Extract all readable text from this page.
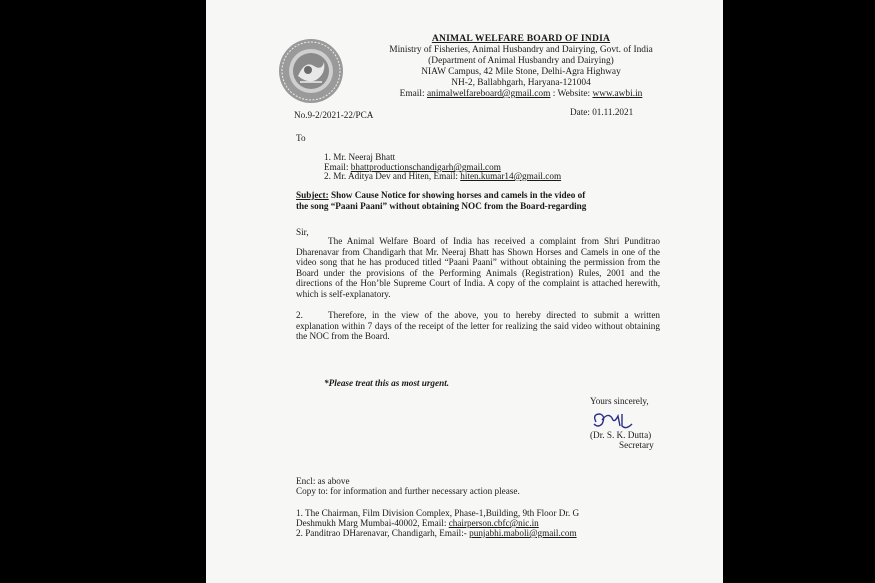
ANIMAL WELFARE BOARD OF INDIA
Ministry of Fisheries, Animal Husbandry and Dairying, Govt. of India
(Department of Animal Husbandry and Dairying)
NIAW Campus, 42 Mile Stone, Delhi-Agra Highway
NH-2, Ballabhgarh, Haryana-121004
Email: animalwelfareboard@gmail.com : Website: www.awbi.in
No.9-2/2021-22/PCA	Date: 01.11.2021
To
1. Mr. Neeraj Bhatt
Email: bhattproductionschandigarh@gmail.com
2. Mr. Aditya Dev and Hiten, Email: hiten.kumar14@gmail.com
Subject: Show Cause Notice for showing horses and camels in the video of
the song “Paani Paani” without obtaining NOC from the Board-regarding
Sir,
The Animal Welfare Board of India has received a complaint from Shri Punditrao Dharenavar from Chandigarh that Mr. Neeraj Bhatt has Shown Horses and Camels in one of the video song that he has produced titled “Paani Paani” without obtaining the permission from the Board under the provisions of the Performing Animals (Registration) Rules, 2001 and the directions of the Hon’ble Supreme Court of India. A copy of the complaint is attached herewith, which is self-explanatory.
2.	Therefore, in the view of the above, you to hereby directed to submit a written explanation within 7 days of the receipt of the letter for realizing the said video without obtaining the NOC from the Board.
*Please treat this as most urgent.
Yours sincerely,
(Dr. S. K. Dutta)
Secretary
Encl: as above
Copy to: for information and further necessary action please.
1. The Chairman, Film Division Complex, Phase-1,Building, 9th Floor Dr. G
Deshmukh Marg Mumbai-40002, Email: chairperson.cbfc@nic.in
2. Panditrao DHarenavar, Chandigarh, Email:- punjabhi.maboli@gmail.com
